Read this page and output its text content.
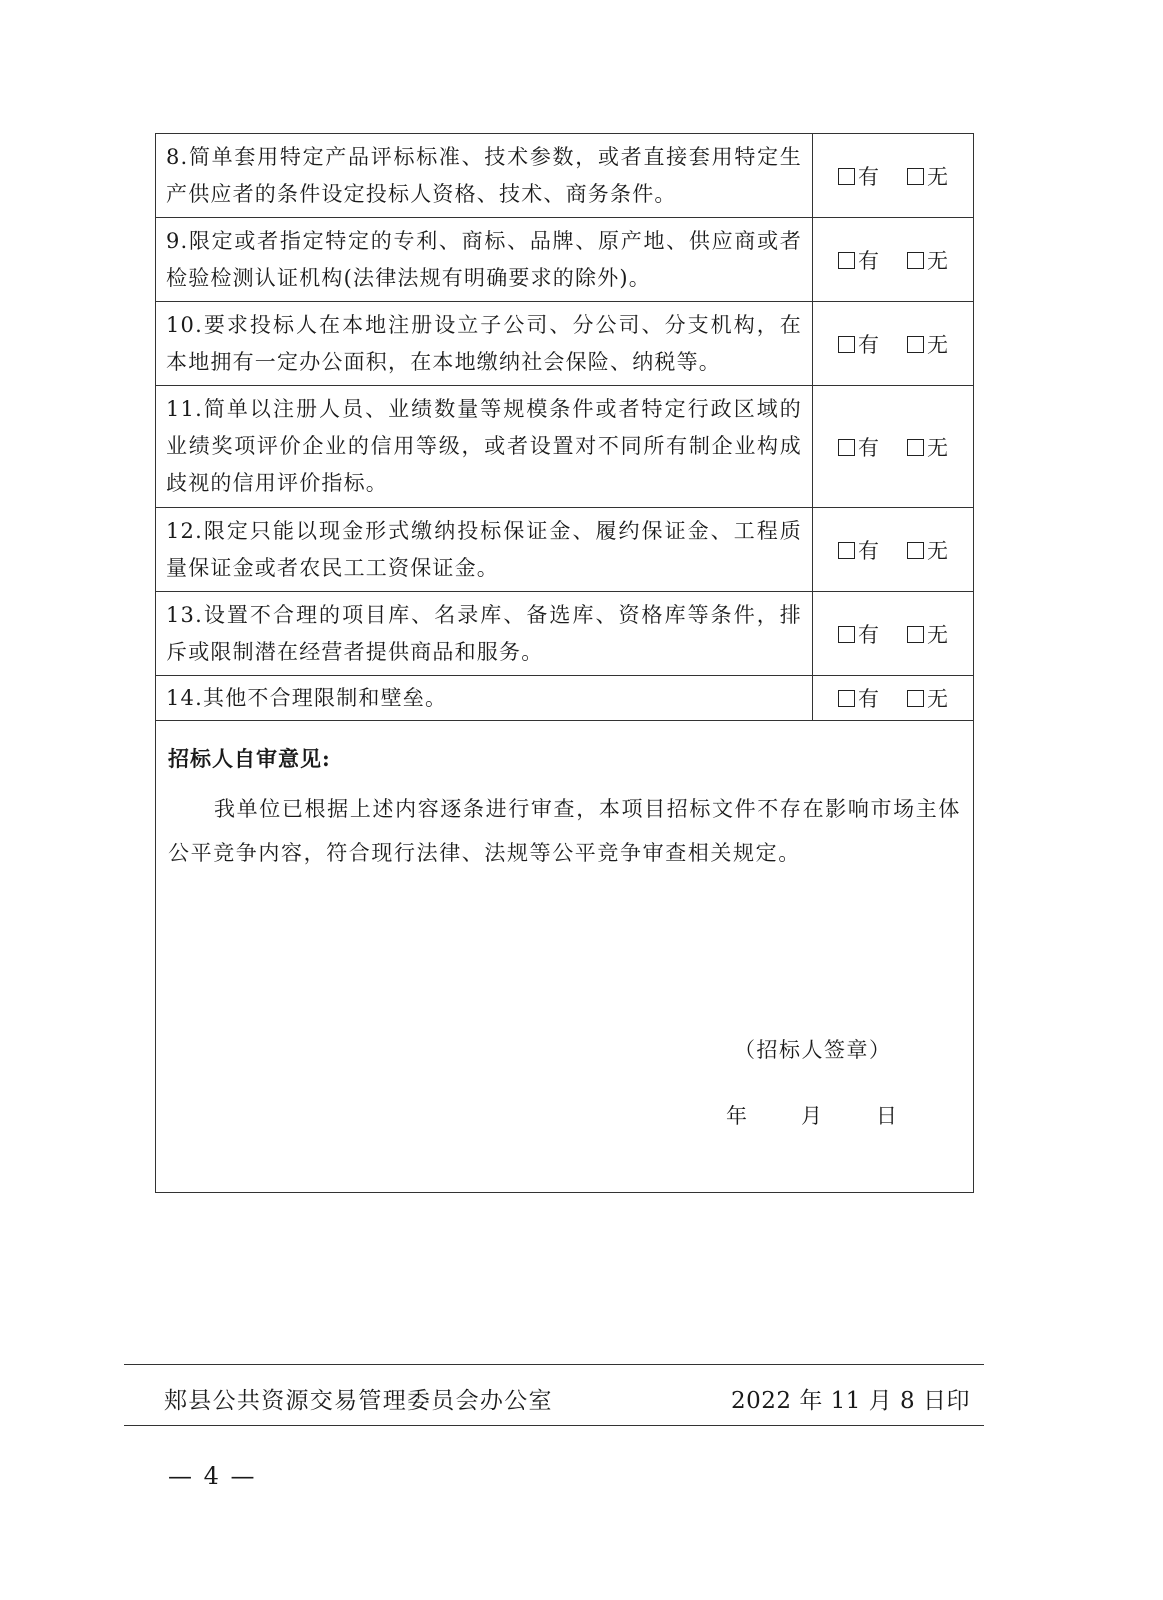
8.简单套用特定产品评标标准、技术参数，或者直接套用特定生产供应者的条件设定投标人资格、技术、商务条件。	有 无
9.限定或者指定特定的专利、商标、品牌、原产地、供应商或者检验检测认证机构(法律法规有明确要求的除外)。	有 无
10.要求投标人在本地注册设立子公司、分公司、分支机构，在本地拥有一定办公面积，在本地缴纳社会保险、纳税等。	有 无
11.简单以注册人员、业绩数量等规模条件或者特定行政区域的业绩奖项评价企业的信用等级，或者设置对不同所有制企业构成歧视的信用评价指标。	有 无
12.限定只能以现金形式缴纳投标保证金、履约保证金、工程质量保证金或者农民工工资保证金。	有 无
13.设置不合理的项目库、名录库、备选库、资格库等条件，排斥或限制潜在经营者提供商品和服务。	有 无
14.其他不合理限制和壁垒。	有 无
招标人自审意见:
我单位已根据上述内容逐条进行审查，本项目招标文件不存在影响市场主体公平竞争内容，符合现行法律、法规等公平竞争审查相关规定。
（招标人签章）
年	月	日
郏县公共资源交易管理委员会办公室	2022 年 11 月 8 日印
— 4 —
